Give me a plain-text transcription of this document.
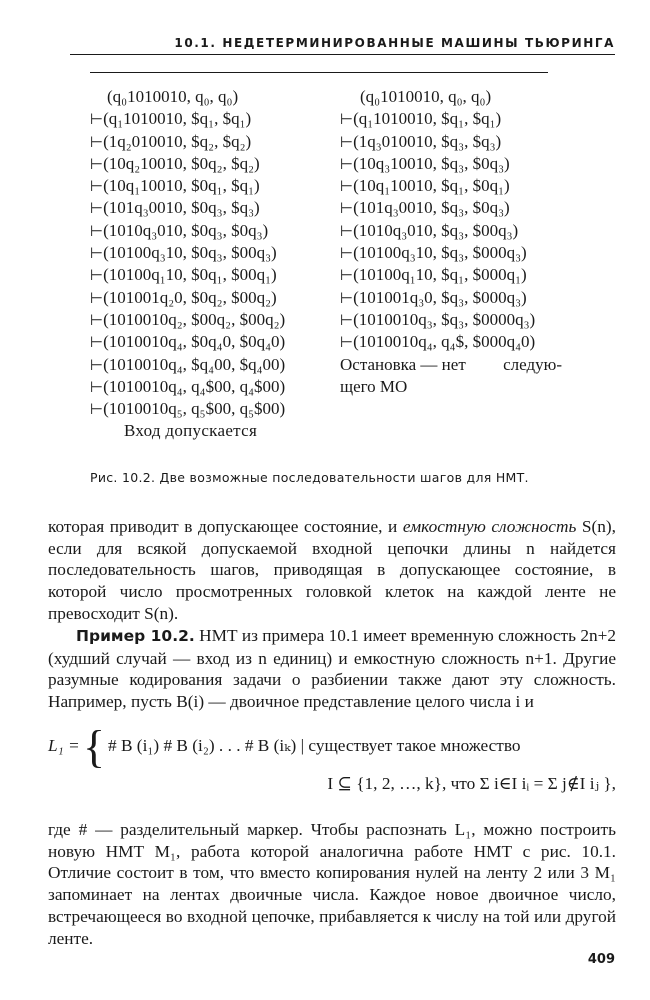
10.1. НЕДЕТЕРМИНИРОВАННЫЕ МАШИНЫ ТЬЮРИНГА
(q₀1010010, q₀, q₀)
⊢(q₁1010010, $q₁, $q₁)
⊢(1q₂010010, $q₂, $q₂)
⊢(10q₂10010, $0q₂, $q₂)
⊢(10q₁10010, $0q₁, $q₁)
⊢(101q₃0010, $0q₃, $q₃)
⊢(1010q₃010, $0q₃, $0q₃)
⊢(10100q₃10, $0q₃, $00q₃)
⊢(10100q₁10, $0q₁, $00q₁)
⊢(101001q₂0, $0q₂, $00q₂)
⊢(1010010q₂, $00q₂, $00q₂)
⊢(1010010q₄, $0q₄0, $0q₄0)
⊢(1010010q₄, $q₄00, $q₄00)
⊢(1010010q₄, q₄$00, q₄$00)
⊢(1010010q₅, q₅$00, q₅$00)
Вход допускается
(q₀1010010, q₀, q₀)
⊢(q₁1010010, $q₁, $q₁)
⊢(1q₃010010, $q₃, $q₃)
⊢(10q₃10010, $q₃, $0q₃)
⊢(10q₁10010, $q₁, $0q₁)
⊢(101q₃0010, $q₃, $0q₃)
⊢(1010q₃010, $q₃, $00q₃)
⊢(10100q₃10, $q₃, $000q₃)
⊢(10100q₁10, $q₁, $000q₁)
⊢(101001q₃0, $q₃, $000q₃)
⊢(1010010q₃, $q₃, $0000q₃)
⊢(1010010q₄, q₄$, $000q₄0)
Остановка — нет следую-
щего МО
Рис. 10.2. Две возможные последовательности шагов для НМТ.

которая приводит в допускающее состояние, и емкостную сложность S(n), если для всякой допускаемой входной цепочки длины n найдется последовательность шагов, приводящая в допускающее состояние, в которой число просмотренных головкой клеток на каждой ленте не превосходит S(n).

Пример 10.2. НМТ из примера 10.1 имеет временную сложность 2n+2 (худший случай — вход из n единиц) и емкостную сложность n+1. Другие разумные кодирования задачи о разбиении также дают эту сложность. Например, пусть B(i) — двоичное представление целого числа i и

L₁ = { # B (i₁) # B (i₂) . . . # B (iₖ) | существует такое множество
I ⊆ {1, 2, …, k}, что Σ i∈I iᵢ = Σ j∉I iⱼ },

где # — разделительный маркер. Чтобы распознать L₁, можно построить новую НМТ M₁, работа которой аналогична работе НМТ с рис. 10.1. Отличие состоит в том, что вместо копирования нулей на ленту 2 или 3 M₁ запоминает на лентах двоичные числа. Каждое новое двоичное число, встречающееся во входной цепочке, прибавляется к числу на той или другой ленте.

409
